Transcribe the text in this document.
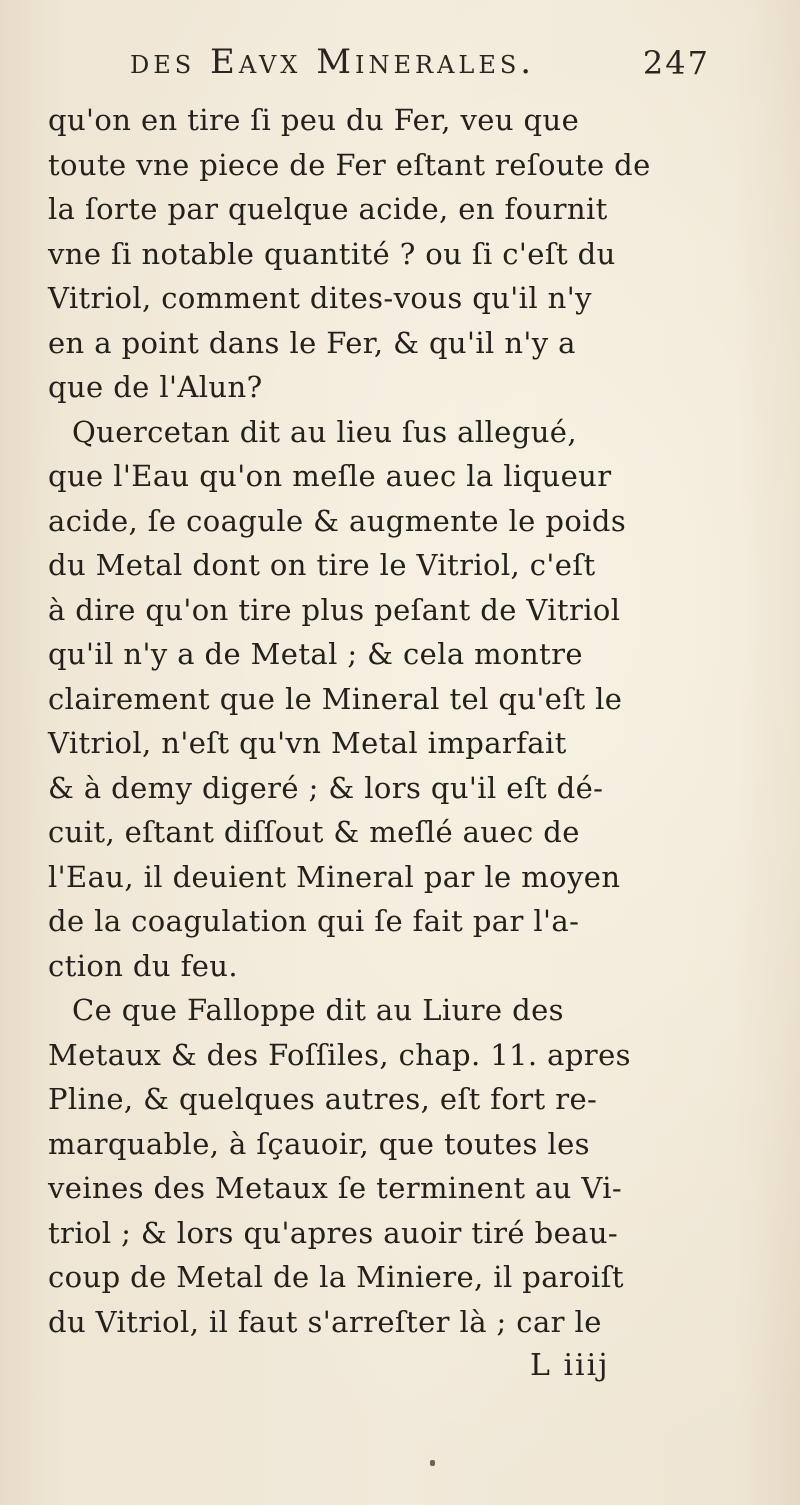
des Eavx Minerales.	247
qu'on en tire ſi peu du Fer, veu que
toute vne piece de Fer eſtant reſoute de
la ſorte par quelque acide, en fournit
vne ſi notable quantité ? ou ſi c'eſt du
Vitriol, comment dites-vous qu'il n'y
en a point dans le Fer, & qu'il n'y a
que de l'Alun?
Quercetan dit au lieu ſus allegué,
que l'Eau qu'on meſle auec la liqueur
acide, ſe coagule & augmente le poids
du Metal dont on tire le Vitriol, c'eſt
à dire qu'on tire plus peſant de Vitriol
qu'il n'y a de Metal ; & cela montre
clairement que le Mineral tel qu'eſt le
Vitriol, n'eſt qu'vn Metal imparfait
& à demy digeré ; & lors qu'il eſt dé-
cuit, eſtant diſſout & meſlé auec de
l'Eau, il deuient Mineral par le moyen
de la coagulation qui ſe fait par l'a-
ction du feu.
Ce que Falloppe dit au Liure des
Metaux & des Foſſiles, chap. 11. apres
Pline, & quelques autres, eſt fort re-
marquable, à ſçauoir, que toutes les
veines des Metaux ſe terminent au Vi-
triol ; & lors qu'apres auoir tiré beau-
coup de Metal de la Miniere, il paroiſt
du Vitriol, il faut s'arreſter là ; car le
L iiij
